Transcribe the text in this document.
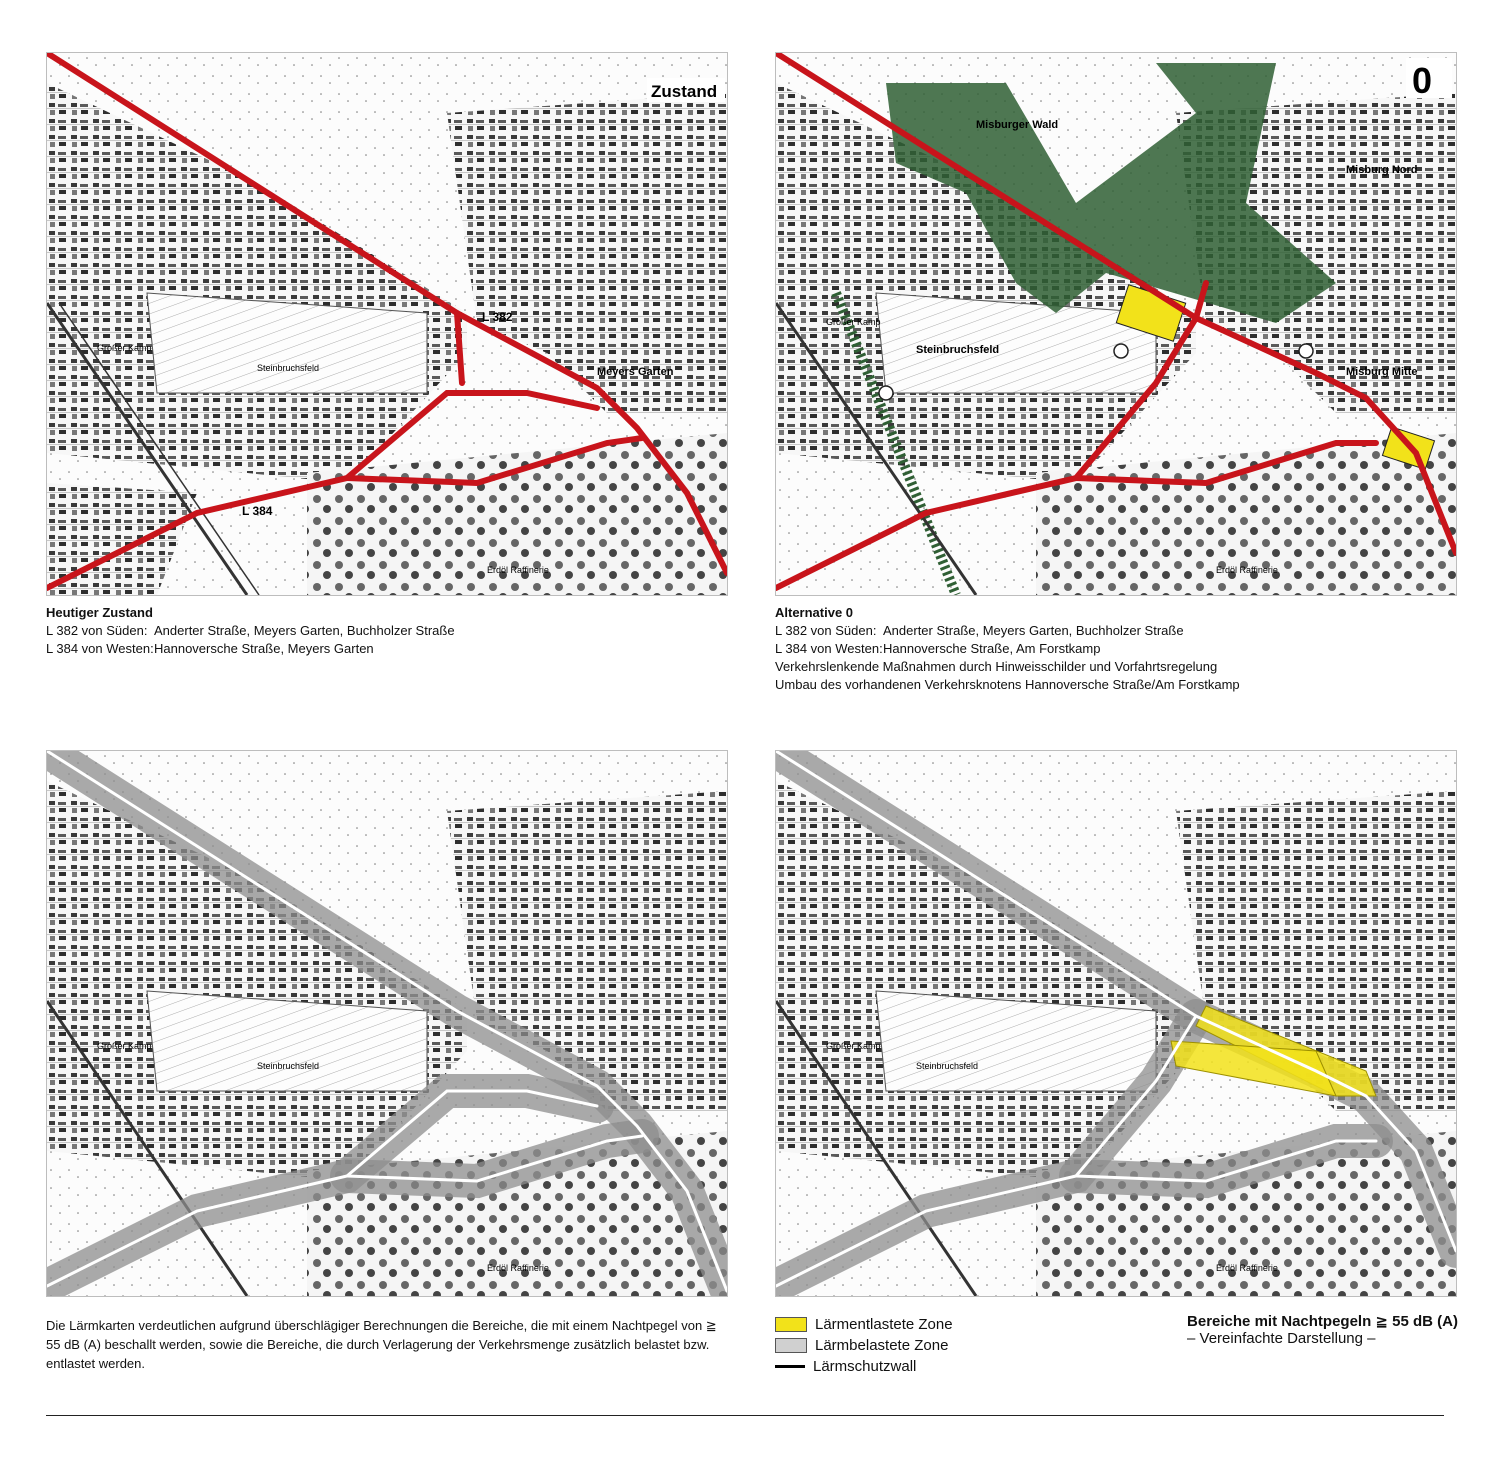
L 382
L 384
Steinbruchsfeld
Großer Kamp
Meyers Garten
Erdöl Raffinerie
Zustand
Misburger Wald
Misburg Nord
Misburg Mitte
Steinbruchsfeld
Großer Kamp
Erdöl Raffinerie
0
Heutiger Zustand
L 382 von Süden: Anderter Straße, Meyers Garten, Buchholzer Straße
L 384 von Westen:Hannoversche Straße, Meyers Garten
Alternative 0
L 382 von Süden: Anderter Straße, Meyers Garten, Buchholzer Straße
L 384 von Westen:Hannoversche Straße, Am Forstkamp
Verkehrslenkende Maßnahmen durch Hinweisschilder und Vorfahrtsregelung
Umbau des vorhandenen Verkehrsknotens Hannoversche Straße/Am Forstkamp
Steinbruchsfeld
Großer Kamp
Erdöl Raffinerie
Steinbruchsfeld
Großer Kamp
Erdöl Raffinerie
Die Lärmkarten verdeutlichen aufgrund überschlägiger Berechnungen die Bereiche, die mit einem Nachtpegel von ≧ 55 dB (A) beschallt werden, sowie die Bereiche, die durch Verlagerung der Verkehrsmenge zusätzlich belastet bzw. entlastet werden.
Lärmentlastete Zone
Lärmbelastete Zone
Lärmschutzwall
Bereiche mit Nachtpegeln ≧ 55 dB (A)
– Vereinfachte Darstellung –
